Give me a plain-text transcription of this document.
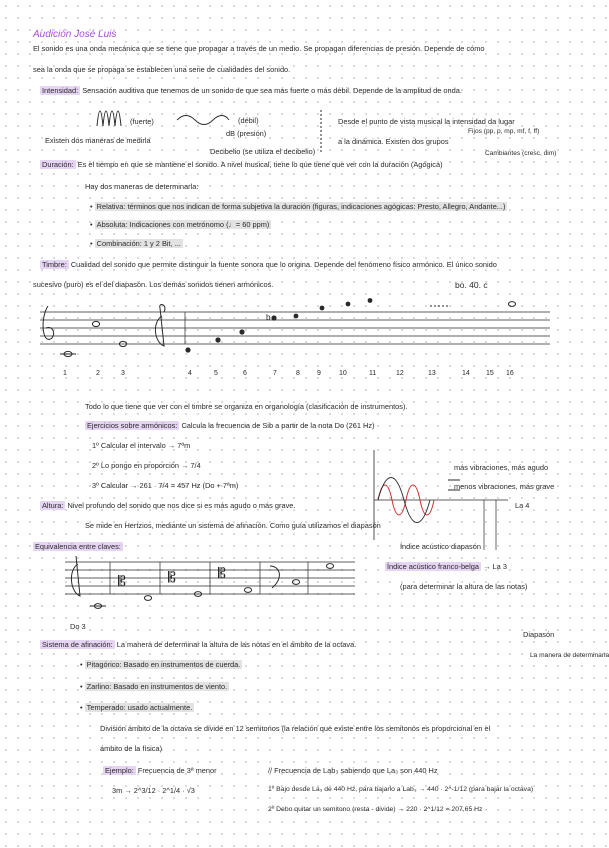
Audición José Luis
El sonido es una onda mecánica que se tiene que propagar a través de un medio. Se propagan diferencias de presión. Depende de cómo
sea la onda que se propaga se establecen una serie de cualidades del sonido.
Intensidad: Sensación auditiva que tenemos de un sonido de que sea más fuerte o más débil. Depende de la amplitud de onda.
(fuerte)	(débil)
Existen dos maneras de medirla
dB (presión)
Decibelio (se utiliza el decibelio)
Desde el punto de vista musical la intensidad da lugar
a la dinámica. Existen dos grupos
Fijos (pp, p, mp, mf, f, ff)
Cambiantes (cresc, dim)
Duración: Es el tiempo en que se mantiene el sonido. A nivel musical, tiene lo que tiene que ver con la duración (Agógica)
Hay dos maneras de determinarla:
• Relativa: términos que nos indican de forma subjetiva la duración (figuras, indicaciones agógicas: Presto, Allegro, Andante...)
• Absoluta: Indicaciones con metrónomo (♩= 60 ppm)
• Combinación: 1 y 2 Bit, ...
Timbre: Cualidad del sonido que permite distinguir la fuente sonora que lo origina. Depende del fenómeno físico armónico. El único sonido
sucesivo (puro) es el del diapasón. Los demás sonidos tienen armónicos.	bo. 40. c
b
1	2	3	4	5	6	7	8 9	10	11	12	13	14 15 16
Todo lo que tiene que ver con el timbre se organiza en organología (clasificación de instrumentos).
Ejercicios sobre armónicos: Calcula la frecuencia de Sib a partir de la nota Do (261 Hz)
1º Calcular el intervalo → 7ªm
2º Lo pongo en proporción → 7/4
3º Calcular → 261 · 7/4 = 457 Hz (Do + 7ªm)
más vibraciones, más agudo
menos vibraciones, más grave
Altura: Nivel profundo del sonido que nos dice si es más agudo o más grave.	La 4
Se mide en Hertzios, mediante un sistema de afinación. Como guía utilizamos el diapasón
Índice acústico diapasón
Equivalencia entre claves:
Índice acústico franco-belga → La 3
(para determinar la altura de las notas)
𝄡	𝄡	𝄡
Do 3
Sistema de afinación: La manera de determinar la altura de las notas en el ámbito de la octava.
Diapasón
La manera de determinarla
• Pitagórico: Basado en instrumentos de cuerda.
• Zarlino: Basado en instrumentos de viento.
• Temperado: usado actualmente.
División ámbito de la octava se divide en 12 semitonos (la relación que existe entre los semitonos es proporcional en el
ámbito de la física)
Ejemplo: Frecuencia de 3ª menor	// Frecuencia de Lab₃ sabiendo que La₃ son 440 Hz
3m → 2^3/12 · 2^1/4 · √3	1º Bajo desde La₃ de 440 Hz, para bajarlo a Lab₃ → 440 · 2^-1/12 (para bajar la octava)
2º Debo quitar un semitono (resta - divide) → 220 · 2^1/12 = 207,65 Hz
